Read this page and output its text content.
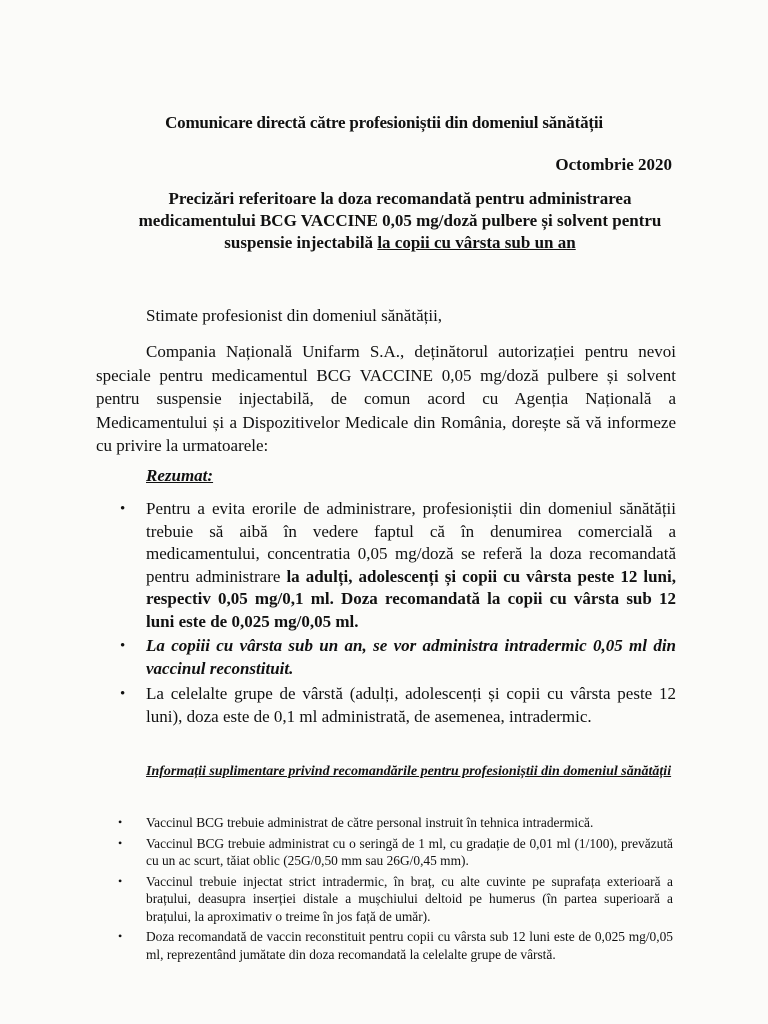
Comunicare directă către profesioniștii din domeniul sănătății
Octombrie 2020
Precizări referitoare la doza recomandată pentru administrarea medicamentului BCG VACCINE 0,05 mg/doză pulbere și solvent pentru suspensie injectabilă la copii cu vârsta sub un an
Stimate profesionist din domeniul sănătății,
Compania Națională Unifarm S.A., deținătorul autorizației pentru nevoi speciale pentru medicamentul BCG VACCINE 0,05 mg/doză pulbere și solvent pentru suspensie injectabilă, de comun acord cu Agenția Națională a Medicamentului și a Dispozitivelor Medicale din România, dorește să vă informeze cu privire la urmatoarele:
Rezumat:
• Pentru a evita erorile de administrare, profesioniștii din domeniul sănătății trebuie să aibă în vedere faptul că în denumirea comercială a medicamentului, concentratia 0,05 mg/doză se referă la doza recomandată pentru administrare la adulți, adolescenți și copii cu vârsta peste 12 luni, respectiv 0,05 mg/0,1 ml. Doza recomandată la copii cu vârsta sub 12 luni este de 0,025 mg/0,05 ml.
• La copiii cu vârsta sub un an, se vor administra intradermic 0,05 ml din vaccinul reconstituit.
• La celelalte grupe de vârstă (adulți, adolescenți și copii cu vârsta peste 12 luni), doza este de 0,1 ml administrată, de asemenea, intradermic.
Informații suplimentare privind recomandările pentru profesioniștii din domeniul sănătății
• Vaccinul BCG trebuie administrat de către personal instruit în tehnica intradermică.
• Vaccinul BCG trebuie administrat cu o seringă de 1 ml, cu gradație de 0,01 ml (1/100), prevăzută cu un ac scurt, tăiat oblic (25G/0,50 mm sau 26G/0,45 mm).
• Vaccinul trebuie injectat strict intradermic, în braț, cu alte cuvinte pe suprafața exterioară a brațului, deasupra inserției distale a mușchiului deltoid pe humerus (în partea superioară a brațului, la aproximativ o treime în jos față de umăr).
• Doza recomandată de vaccin reconstituit pentru copii cu vârsta sub 12 luni este de 0,025 mg/0,05 ml, reprezentând jumătate din doza recomandată la celelalte grupe de vârstă.
